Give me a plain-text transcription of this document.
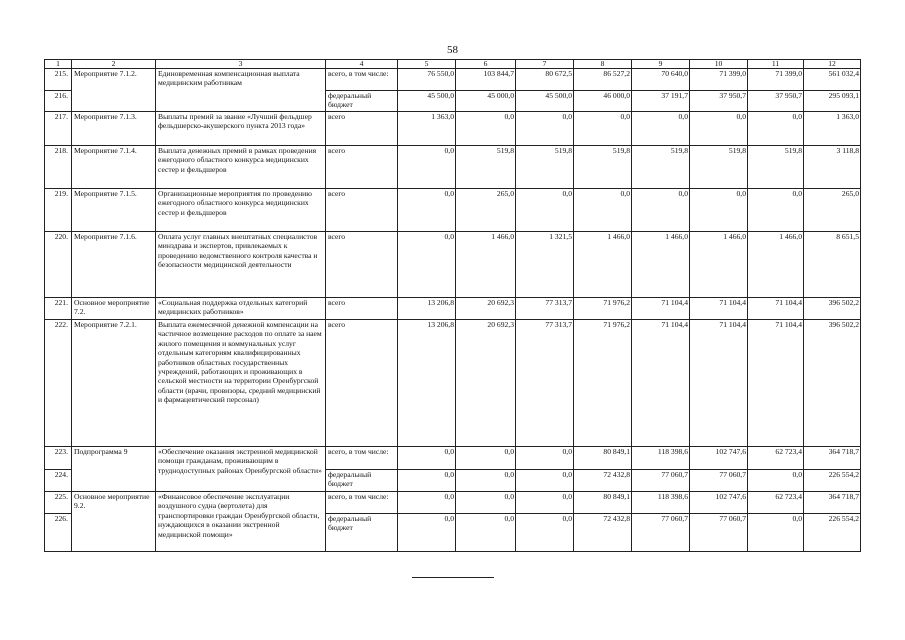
58
1	2	3	4	5	6	7	8	9	10	11	12
215.	Мероприятие 7.1.2.	Единовременная компенсационная выплата медицинским работникам	всего, в том числе:	76 550,0	103 844,7	80 672,5	86 527,2	70 640,0	71 399,0	71 399,0	561 032,4
216.			федеральный бюджет	45 500,0	45 000,0	45 500,0	46 000,0	37 191,7	37 950,7	37 950,7	295 093,1
217.	Мероприятие 7.1.3.	Выплаты премий за звание «Лучший фельдшер фельдшерско-акушерского пункта 2013 года»	всего	1 363,0	0,0	0,0	0,0	0,0	0,0	0,0	1 363,0
218.	Мероприятие 7.1.4.	Выплата денежных премий в рамках проведения ежегодного областного конкурса медицинских сестер и фельдшеров	всего	0,0	519,8	519,8	519,8	519,8	519,8	519,8	3 118,8
219.	Мероприятие 7.1.5.	Организационные мероприятия по проведению ежегодного областного конкурса медицинских сестер и фельдшеров	всего	0,0	265,0	0,0	0,0	0,0	0,0	0,0	265,0
220.	Мероприятие 7.1.6.	Оплата услуг главных внештатных специалистов минздрава и экспертов, привлекаемых к проведению ведомственного контроля качества и безопасности медицинской деятельности	всего	0,0	1 466,0	1 321,5	1 466,0	1 466,0	1 466,0	1 466,0	8 651,5
221.	Основное мероприятие 7.2.	«Социальная поддержка отдельных категорий медицинских работников»	всего	13 206,8	20 692,3	77 313,7	71 976,2	71 104,4	71 104,4	71 104,4	396 502,2
222.	Мероприятие 7.2.1.	Выплата ежемесячной денежной компенсации на частичное возмещение расходов по оплате за наем жилого помещения и коммунальных услуг отдельным категориям квалифицированных работников областных государственных учреждений, работающих и проживающих в сельской местности на территории Оренбургской области (врачи, провизоры, средний медицинский и фармацевтический персонал)	всего	13 206,8	20 692,3	77 313,7	71 976,2	71 104,4	71 104,4	71 104,4	396 502,2
223.	Подпрограмма 9	«Обеспечение оказания экстренной медицинской помощи гражданам, проживающим в труднодоступных районах Оренбургской области»	всего, в том числе:	0,0	0,0	0,0	80 849,1	118 398,6	102 747,6	62 723,4	364 718,7
224.			федеральный бюджет	0,0	0,0	0,0	72 432,8	77 060,7	77 060,7	0,0	226 554,2
225.	Основное мероприятие 9.2.	«Финансовое обеспечение эксплуатации воздушного судна (вертолета) для транспортировки граждан Оренбургской области, нуждающихся в оказании экстренной медицинской помощи»	всего, в том числе:	0,0	0,0	0,0	80 849,1	118 398,6	102 747,6	62 723,4	364 718,7
226.			федеральный бюджет	0,0	0,0	0,0	72 432,8	77 060,7	77 060,7	0,0	226 554,2
